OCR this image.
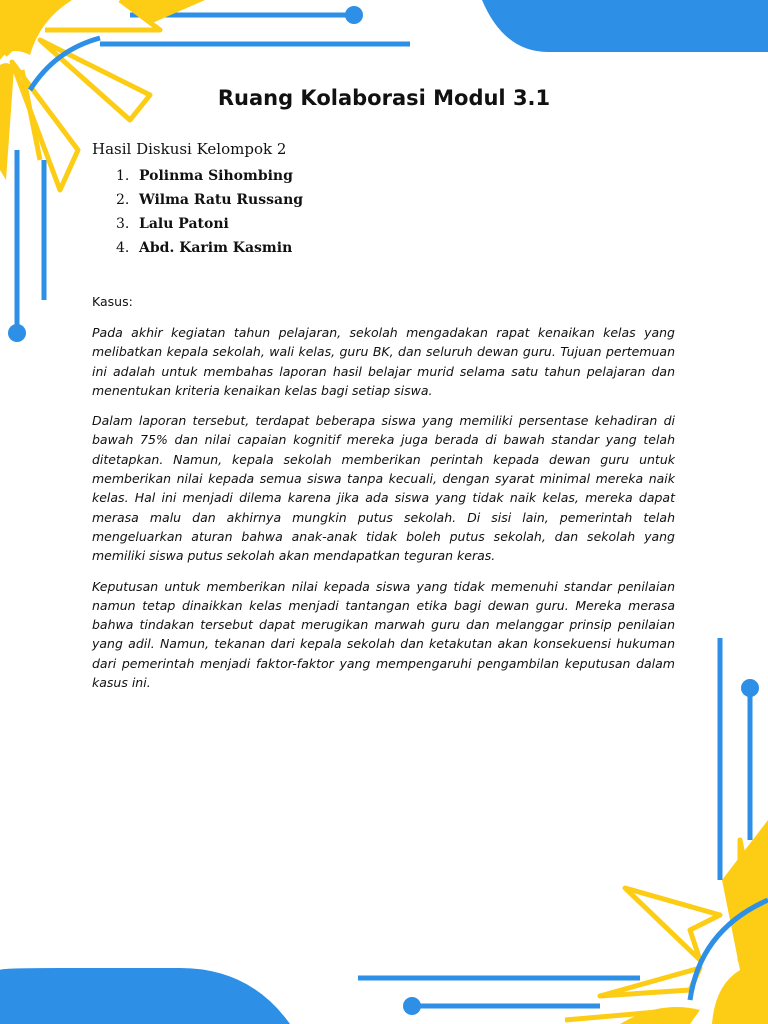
Ruang Kolaborasi Modul 3.1

Hasil Diskusi Kelompok 2

1. Polinma Sihombing
2. Wilma Ratu Russang
3. Lalu Patoni
4. Abd. Karim Kasmin

Kasus:

Pada akhir kegiatan tahun pelajaran, sekolah mengadakan rapat kenaikan kelas yang melibatkan kepala sekolah, wali kelas, guru BK, dan seluruh dewan guru. Tujuan pertemuan ini adalah untuk membahas laporan hasil belajar murid selama satu tahun pelajaran dan menentukan kriteria kenaikan kelas bagi setiap siswa.

Dalam laporan tersebut, terdapat beberapa siswa yang memiliki persentase kehadiran di bawah 75% dan nilai capaian kognitif mereka juga berada di bawah standar yang telah ditetapkan. Namun, kepala sekolah memberikan perintah kepada dewan guru untuk memberikan nilai kepada semua siswa tanpa kecuali, dengan syarat minimal mereka naik kelas. Hal ini menjadi dilema karena jika ada siswa yang tidak naik kelas, mereka dapat merasa malu dan akhirnya mungkin putus sekolah. Di sisi lain, pemerintah telah mengeluarkan aturan bahwa anak-anak tidak boleh putus sekolah, dan sekolah yang memiliki siswa putus sekolah akan mendapatkan teguran keras.

Keputusan untuk memberikan nilai kepada siswa yang tidak memenuhi standar penilaian namun tetap dinaikkan kelas menjadi tantangan etika bagi dewan guru. Mereka merasa bahwa tindakan tersebut dapat merugikan marwah guru dan melanggar prinsip penilaian yang adil. Namun, tekanan dari kepala sekolah dan ketakutan akan konsekuensi hukuman dari pemerintah menjadi faktor-faktor yang mempengaruhi pengambilan keputusan dalam kasus ini.
